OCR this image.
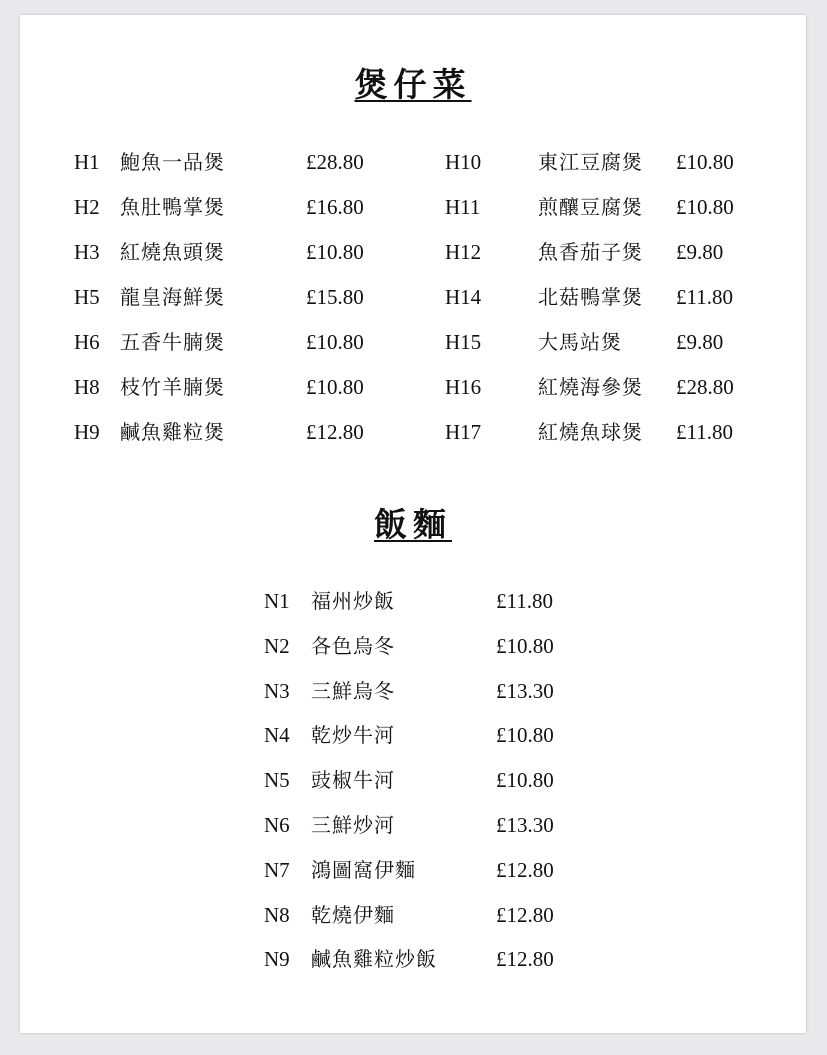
煲仔菜
H1 鮑魚一品煲	£28.80
H2 魚肚鴨掌煲	£16.80
H3 紅燒魚頭煲	£10.80
H5 龍皇海鮮煲	£15.80
H6 五香牛腩煲	£10.80
H8 枝竹羊腩煲	£10.80
H9 鹹魚雞粒煲	£12.80
H10	東江豆腐煲 £10.80
H11	煎釀豆腐煲 £10.80
H12	魚香茄子煲 £9.80
H14	北菇鴨掌煲 £11.80
H15	大馬站煲	£9.80
H16	紅燒海參煲 £28.80
H17	紅燒魚球煲 £11.80
飯麵
N1 福州炒飯	£11.80
N2 各色烏冬	£10.80
N3 三鮮烏冬	£13.30
N4 乾炒牛河	£10.80
N5 豉椒牛河	£10.80
N6 三鮮炒河	£13.30
N7 鴻圖窩伊麵	£12.80
N8 乾燒伊麵	£12.80
N9 鹹魚雞粒炒飯	£12.80
